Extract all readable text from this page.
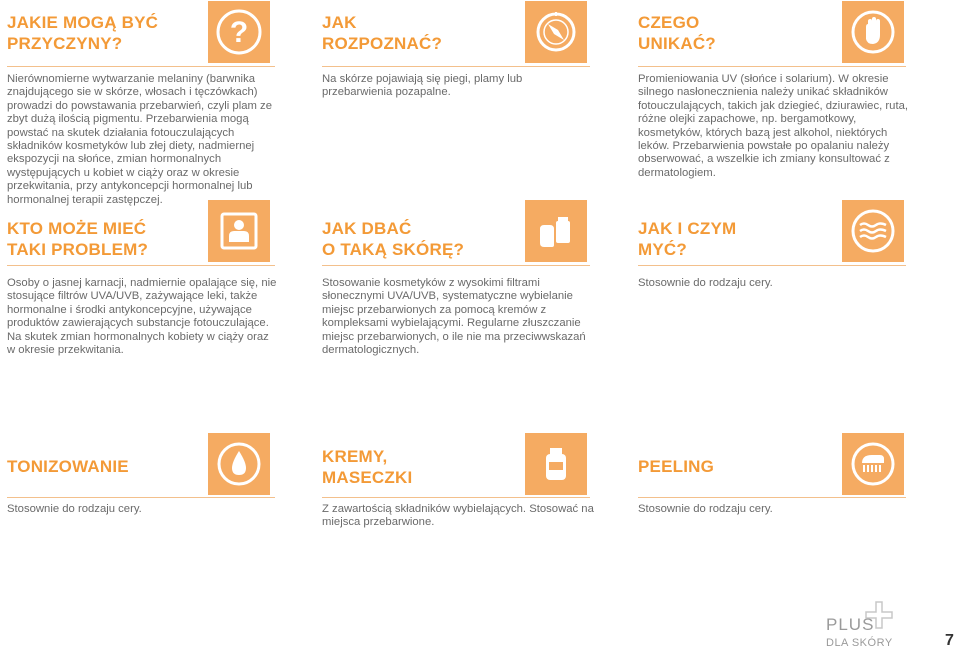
JAKIE MOGĄ BYĆ
PRZYCZYNY?	?
Nierównomierne wytwarzanie melaniny (barwnika znajdującego sie w skórze, włosach i tęczówkach) prowadzi do powstawania przebarwień, czyli plam ze zbyt dużą ilością pigmentu. Przebarwienia mogą powstać na skutek działania fotouczulających składników kosmetyków lub złej diety, nadmiernej ekspozycji na słońce, zmian hormonalnych występujących u kobiet w ciąży oraz w okresie przekwitania, przy antykoncepcji hormonalnej lub hormonalnej terapii zastępczej.
JAK
ROZPOZNAĆ?
Na skórze pojawiają się piegi, plamy lub przebarwienia pozapalne.
CZEGO
UNIKAĆ?
Promieniowania UV (słońce i solarium). W okresie silnego nasłonecznienia należy unikać składników fotouczulających, takich jak dziegieć, dziurawiec, ruta, różne olejki zapachowe, np. bergamotkowy, kosmetyków, których bazą jest alkohol, niektórych leków. Przebarwienia powstałe po opalaniu należy obserwować, a wszelkie ich zmiany konsultować z dermatologiem.
KTO MOŻE MIEĆ
TAKI PROBLEM?
Osoby o jasnej karnacji, nadmiernie opalające się, nie stosujące filtrów UVA/UVB, zażywające leki, także hormonalne i środki antykoncepcyjne, używające produktów zawierających substancje fotouczulające. Na skutek zmian hormonalnych kobiety w ciąży oraz w okresie przekwitania.
JAK DBAĆ
O TAKĄ SKÓRĘ?
Stosowanie kosmetyków z wysokimi filtrami słonecznymi UVA/UVB, systematyczne wybielanie miejsc przebarwionych za pomocą kremów z kompleksami wybielającymi. Regularne złuszczanie miejsc przebarwionych, o ile nie ma przeciwwskazań dermatologicznych.
JAK I CZYM
MYĆ?
Stosownie do rodzaju cery.
TONIZOWANIE
Stosownie do rodzaju cery.
KREMY,
MASECZKI
Z zawartością składników wybielających. Stosować na miejsca przebarwione.
PEELING
Stosownie do rodzaju cery.
PLUS
DLA SKÓRY	7
